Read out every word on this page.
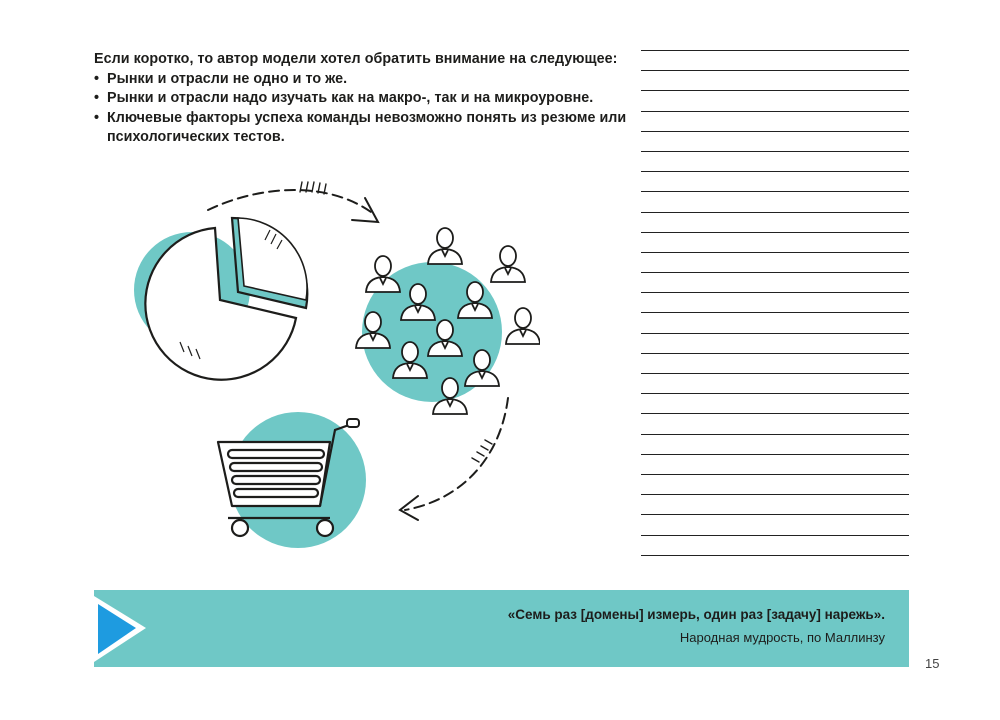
Если коротко, то автор модели хотел обратить внимание на следующее:

• Рынки и отрасли не одно и то же.
• Рынки и отрасли надо изучать как на макро-, так и на микроуровне.
• Ключевые факторы успеха команды невозможно понять из резюме или психологических тестов.
«Семь раз [домены] измерь, один раз [задачу] нарежь».
Народная мудрость, по Маллинзу
15
